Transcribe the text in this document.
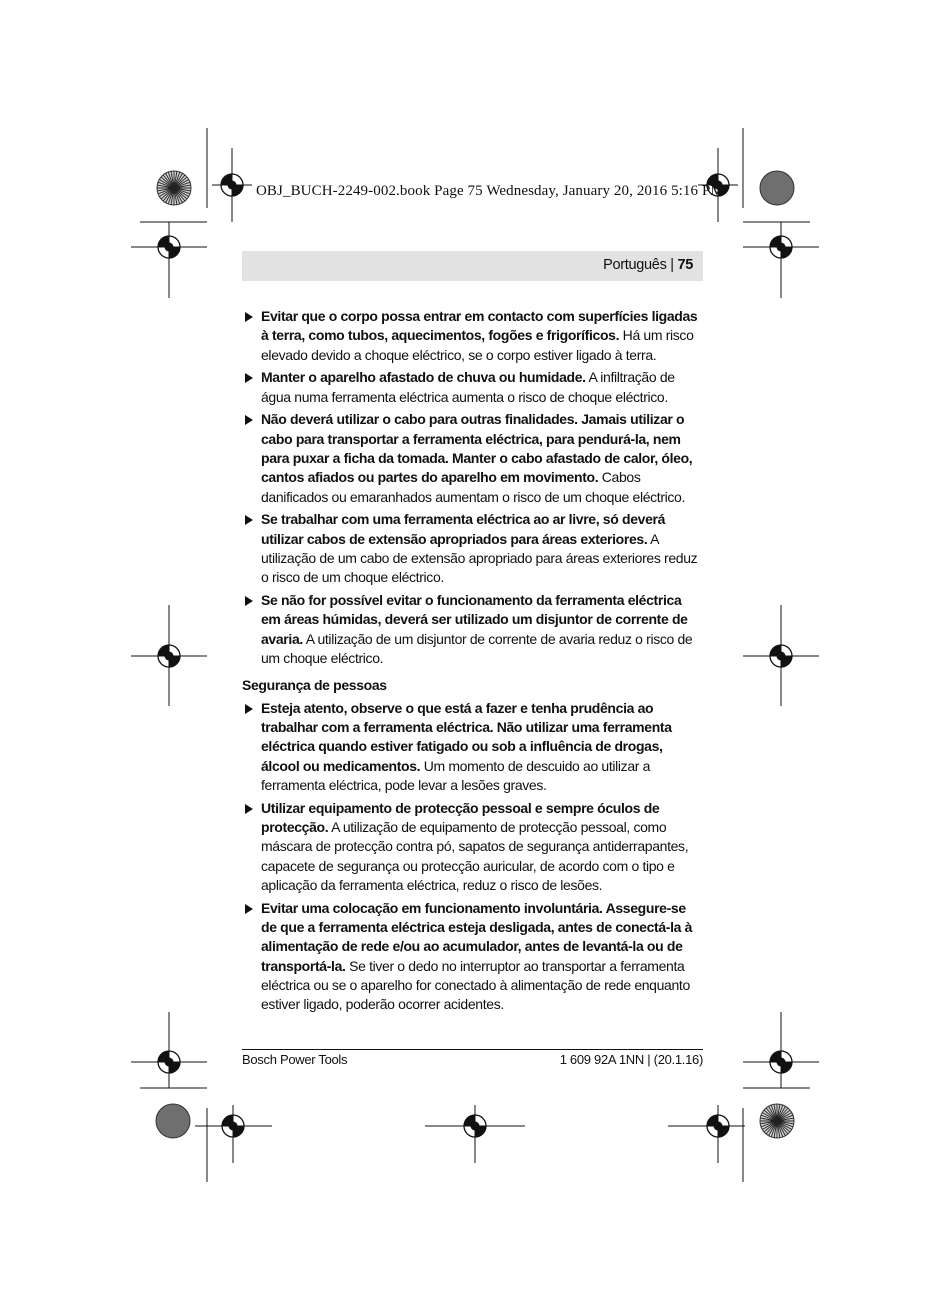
OBJ_BUCH-2249-002.book Page 75 Wednesday, January 20, 2016 5:16 PM
Português | 75
Evitar que o corpo possa entrar em contacto com superfícies ligadas à terra, como tubos, aquecimentos, fogões e frigoríficos. Há um risco elevado devido a choque eléctrico, se o corpo estiver ligado à terra.
Manter o aparelho afastado de chuva ou humidade. A infiltração de água numa ferramenta eléctrica aumenta o risco de choque eléctrico.
Não deverá utilizar o cabo para outras finalidades. Jamais utilizar o cabo para transportar a ferramenta eléctrica, para pendurá-la, nem para puxar a ficha da tomada. Manter o cabo afastado de calor, óleo, cantos afiados ou partes do aparelho em movimento. Cabos danificados ou emaranhados aumentam o risco de um choque eléctrico.
Se trabalhar com uma ferramenta eléctrica ao ar livre, só deverá utilizar cabos de extensão apropriados para áreas exteriores. A utilização de um cabo de extensão apropriado para áreas exteriores reduz o risco de um choque eléctrico.
Se não for possível evitar o funcionamento da ferramenta eléctrica em áreas húmidas, deverá ser utilizado um disjuntor de corrente de avaria. A utilização de um disjuntor de corrente de avaria reduz o risco de um choque eléctrico.
Segurança de pessoas
Esteja atento, observe o que está a fazer e tenha prudência ao trabalhar com a ferramenta eléctrica. Não utilizar uma ferramenta eléctrica quando estiver fatigado ou sob a influência de drogas, álcool ou medicamentos. Um momento de descuido ao utilizar a ferramenta eléctrica, pode levar a lesões graves.
Utilizar equipamento de protecção pessoal e sempre óculos de protecção. A utilização de equipamento de protecção pessoal, como máscara de protecção contra pó, sapatos de segurança antiderrapantes, capacete de segurança ou protecção auricular, de acordo com o tipo e aplicação da ferramenta eléctrica, reduz o risco de lesões.
Evitar uma colocação em funcionamento involuntária. Assegure-se de que a ferramenta eléctrica esteja desligada, antes de conectá-la à alimentação de rede e/ou ao acumulador, antes de levantá-la ou de transportá-la. Se tiver o dedo no interruptor ao transportar a ferramenta eléctrica ou se o aparelho for conectado à alimentação de rede enquanto estiver ligado, poderão ocorrer acidentes.
Bosch Power Tools	1 609 92A 1NN | (20.1.16)
